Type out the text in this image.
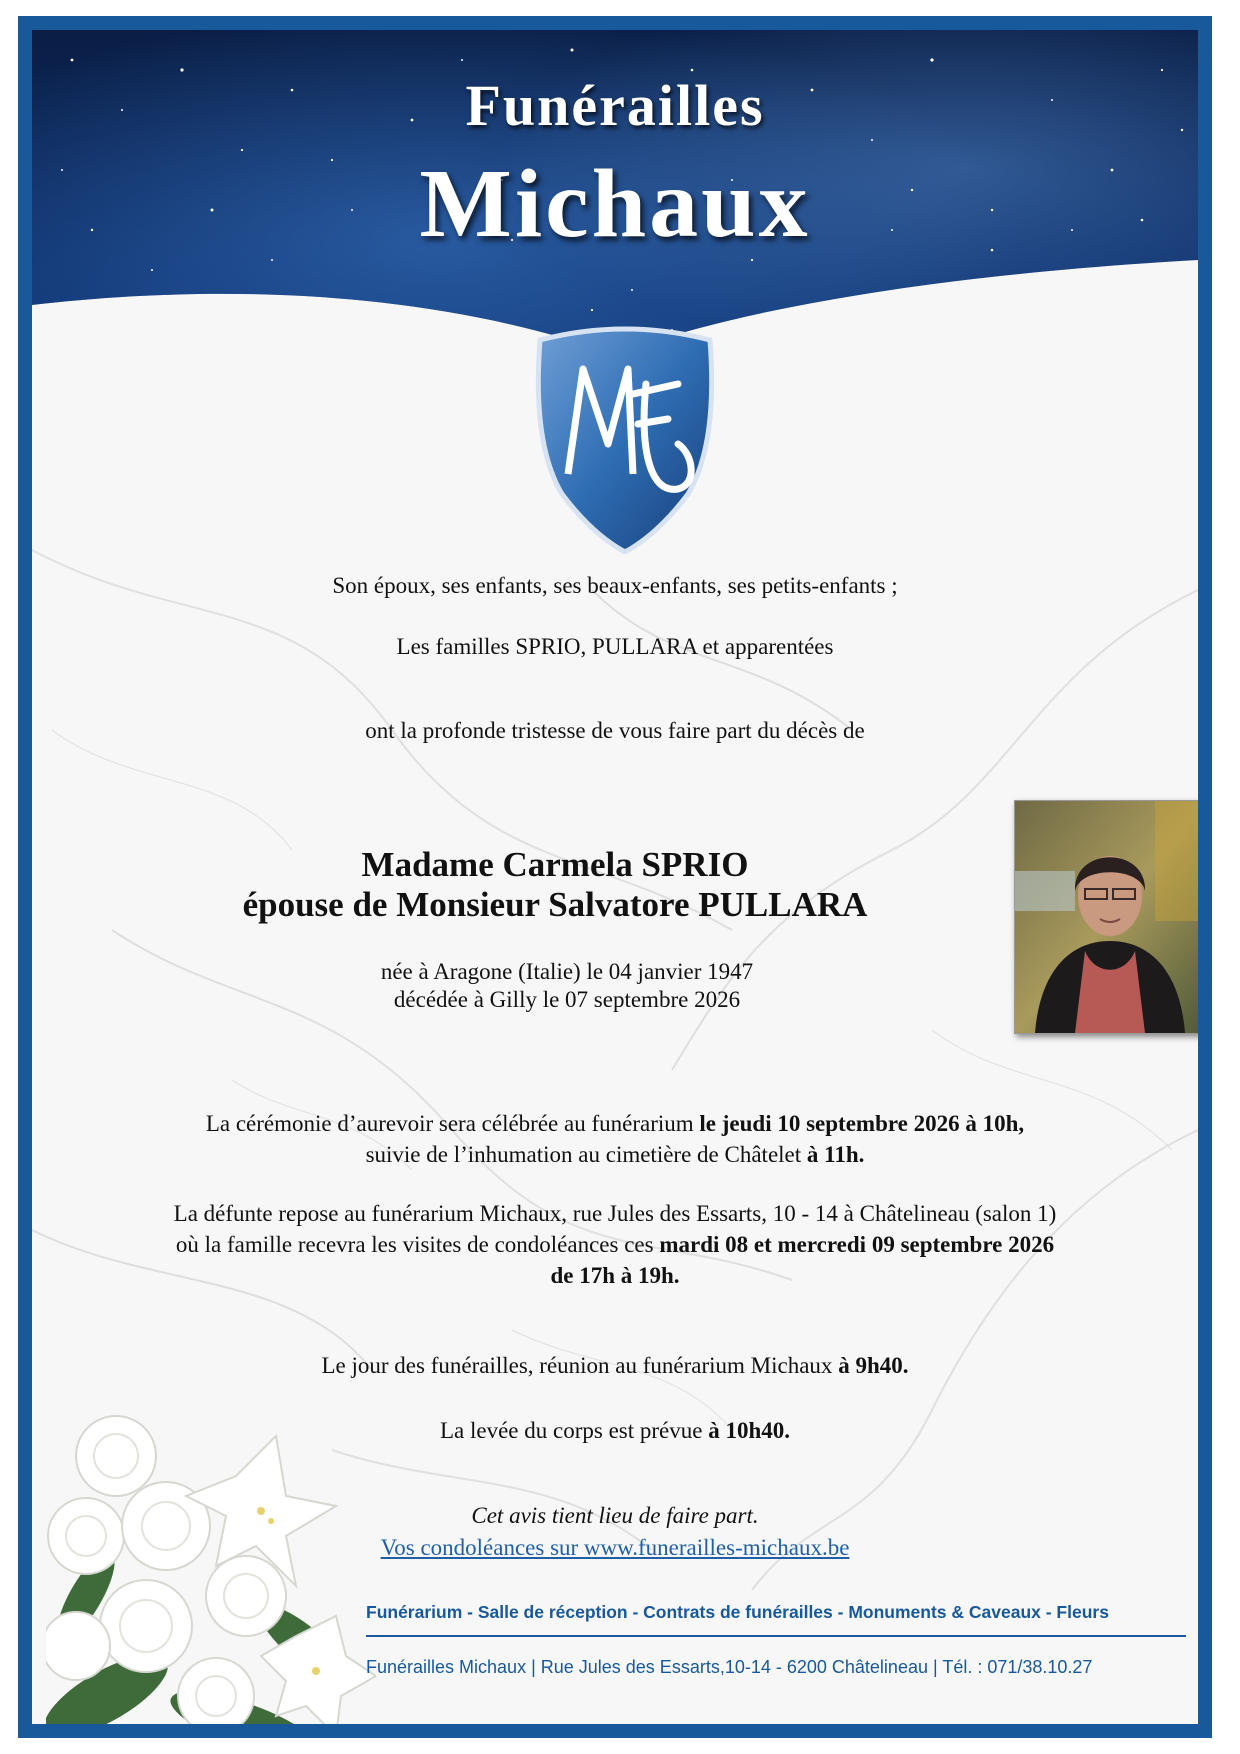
Funérailles
Michaux
Son époux, ses enfants, ses beaux-enfants, ses petits-enfants ;
Les familles SPRIO, PULLARA et apparentées
ont la profonde tristesse de vous faire part du décès de
Madame Carmela SPRIO
épouse de Monsieur Salvatore PULLARA
née à Aragone (Italie) le 04 janvier 1947
décédée à Gilly le 07 septembre 2026
La cérémonie d’aurevoir sera célébrée au funérarium le jeudi 10 septembre 2026 à 10h,
suivie de l’inhumation au cimetière de Châtelet à 11h.
La défunte repose au funérarium Michaux, rue Jules des Essarts, 10 - 14 à Châtelineau (salon 1)
où la famille recevra les visites de condoléances ces mardi 08 et mercredi 09 septembre 2026
de 17h à 19h.
Le jour des funérailles, réunion au funérarium Michaux à 9h40.
La levée du corps est prévue à 10h40.
Cet avis tient lieu de faire part.
Vos condoléances sur www.funerailles-michaux.be
Funérarium - Salle de réception - Contrats de funérailles - Monuments & Caveaux - Fleurs
Funérailles Michaux | Rue Jules des Essarts,10-14 - 6200 Châtelineau | Tél. : 071/38.10.27
